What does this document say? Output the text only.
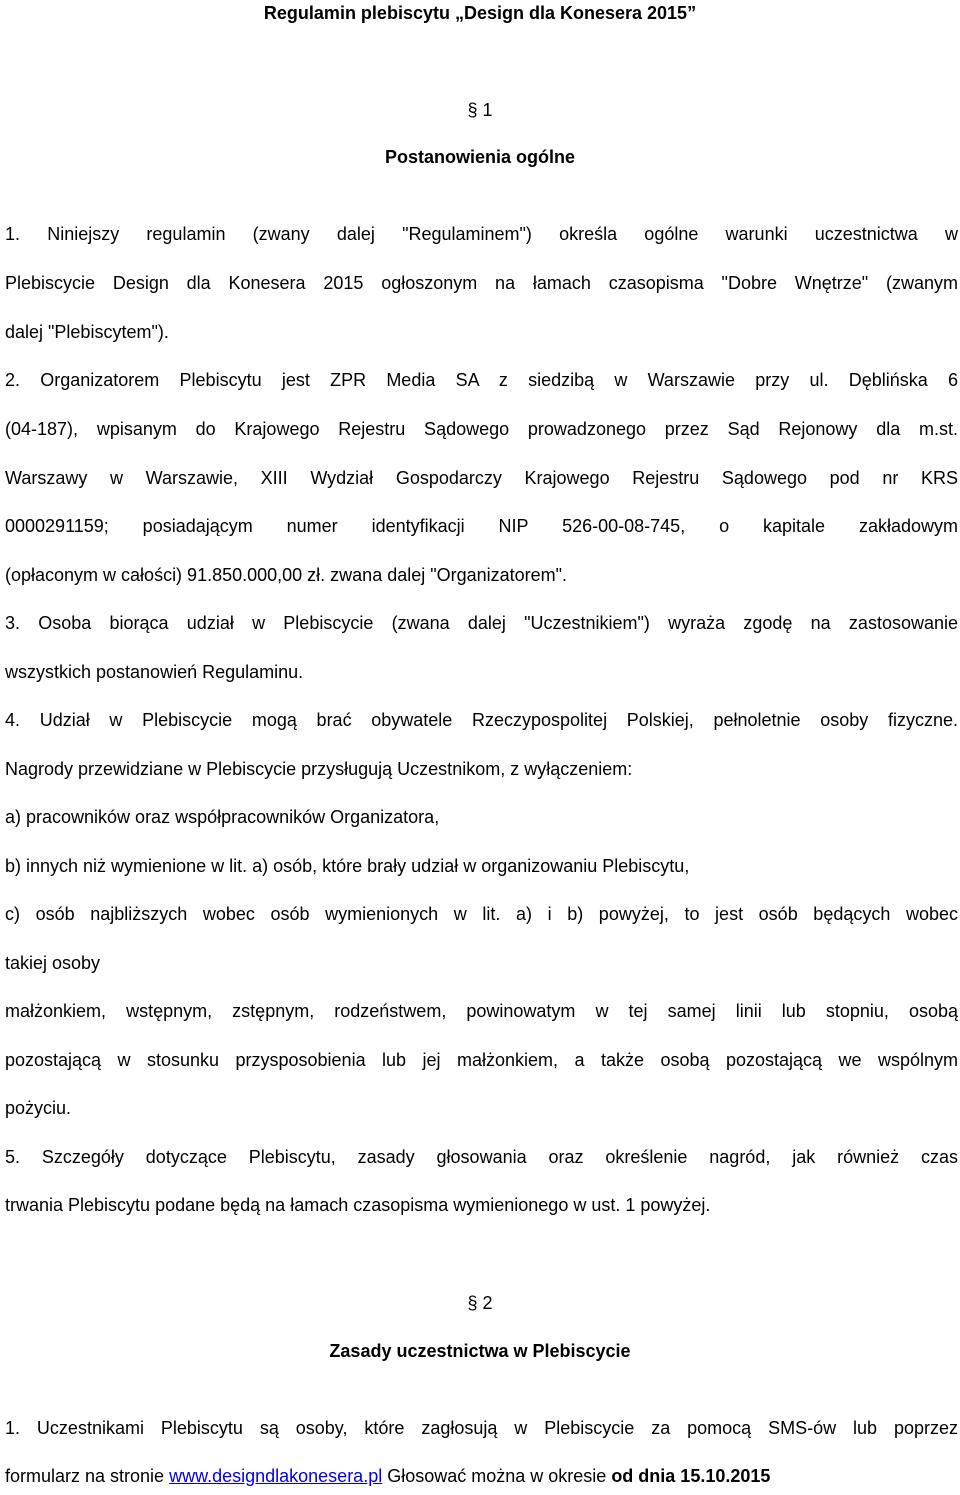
Regulamin plebiscytu „Design dla Konesera 2015”
§ 1
Postanowienia ogólne
1. Niniejszy regulamin (zwany dalej "Regulaminem") określa ogólne warunki uczestnictwa w
Plebiscycie Design dla Konesera 2015 ogłoszonym na łamach czasopisma "Dobre Wnętrze" (zwanym
dalej "Plebiscytem").
2. Organizatorem Plebiscytu jest ZPR Media SA z siedzibą w Warszawie przy ul. Dęblińska 6
(04-187), wpisanym do Krajowego Rejestru Sądowego prowadzonego przez Sąd Rejonowy dla m.st.
Warszawy w Warszawie, XIII Wydział Gospodarczy Krajowego Rejestru Sądowego pod nr KRS
0000291159; posiadającym numer identyfikacji NIP 526-00-08-745, o kapitale zakładowym
(opłaconym w całości) 91.850.000,00 zł. zwana dalej "Organizatorem".
3. Osoba biorąca udział w Plebiscycie (zwana dalej "Uczestnikiem") wyraża zgodę na zastosowanie
wszystkich postanowień Regulaminu.
4. Udział w Plebiscycie mogą brać obywatele Rzeczypospolitej Polskiej, pełnoletnie osoby fizyczne.
Nagrody przewidziane w Plebiscycie przysługują Uczestnikom, z wyłączeniem:
a) pracowników oraz współpracowników Organizatora,
b) innych niż wymienione w lit. a) osób, które brały udział w organizowaniu Plebiscytu,
c) osób najbliższych wobec osób wymienionych w lit. a) i b) powyżej, to jest osób będących wobec
takiej osoby
małżonkiem, wstępnym, zstępnym, rodzeństwem, powinowatym w tej samej linii lub stopniu, osobą
pozostającą w stosunku przysposobienia lub jej małżonkiem, a także osobą pozostającą we wspólnym
pożyciu.
5. Szczegóły dotyczące Plebiscytu, zasady głosowania oraz określenie nagród, jak również czas
trwania Plebiscytu podane będą na łamach czasopisma wymienionego w ust. 1 powyżej.
§ 2
Zasady uczestnictwa w Plebiscycie
1. Uczestnikami Plebiscytu są osoby, które zagłosują w Plebiscycie za pomocą SMS-ów lub poprzez
formularz na stronie www.designdlakonesera.pl Głosować można w okresie od dnia 15.10.2015
